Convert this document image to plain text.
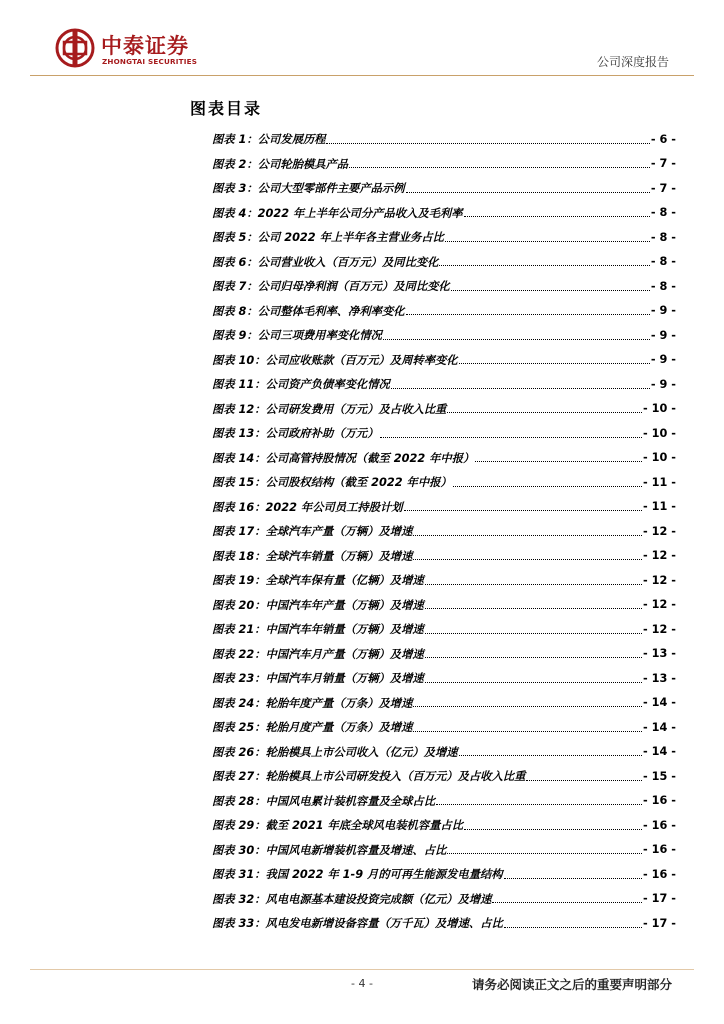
中泰证券
ZHONGTAI SECURITIES	公司深度报告
图表目录
图表 1：公司发展历程	- 6 -
图表 2：公司轮胎模具产品	- 7 -
图表 3：公司大型零部件主要产品示例	- 7 -
图表 4：2022 年上半年公司分产品收入及毛利率	- 8 -
图表 5：公司 2022 年上半年各主营业务占比	- 8 -
图表 6：公司营业收入（百万元）及同比变化	- 8 -
图表 7：公司归母净利润（百万元）及同比变化	- 8 -
图表 8：公司整体毛利率、净利率变化	- 9 -
图表 9：公司三项费用率变化情况	- 9 -
图表 10：公司应收账款（百万元）及周转率变化	- 9 -
图表 11：公司资产负债率变化情况	- 9 -
图表 12：公司研发费用（万元）及占收入比重	- 10 -
图表 13：公司政府补助（万元）	- 10 -
图表 14：公司高管持股情况（截至 2022 年中报）	- 10 -
图表 15：公司股权结构（截至 2022 年中报）	- 11 -
图表 16：2022 年公司员工持股计划	- 11 -
图表 17：全球汽车产量（万辆）及增速	- 12 -
图表 18：全球汽车销量（万辆）及增速	- 12 -
图表 19：全球汽车保有量（亿辆）及增速	- 12 -
图表 20：中国汽车年产量（万辆）及增速	- 12 -
图表 21：中国汽车年销量（万辆）及增速	- 12 -
图表 22：中国汽车月产量（万辆）及增速	- 13 -
图表 23：中国汽车月销量（万辆）及增速	- 13 -
图表 24：轮胎年度产量（万条）及增速	- 14 -
图表 25：轮胎月度产量（万条）及增速	- 14 -
图表 26：轮胎模具上市公司收入（亿元）及增速	- 14 -
图表 27：轮胎模具上市公司研发投入（百万元）及占收入比重	- 15 -
图表 28：中国风电累计装机容量及全球占比	- 16 -
图表 29：截至 2021 年底全球风电装机容量占比	- 16 -
图表 30：中国风电新增装机容量及增速、占比	- 16 -
图表 31：我国 2022 年 1-9 月的可再生能源发电量结构	- 16 -
图表 32：风电电源基本建设投资完成额（亿元）及增速	- 17 -
图表 33：风电发电新增设备容量（万千瓦）及增速、占比	- 17 -
- 4 -	请务必阅读正文之后的重要声明部分
